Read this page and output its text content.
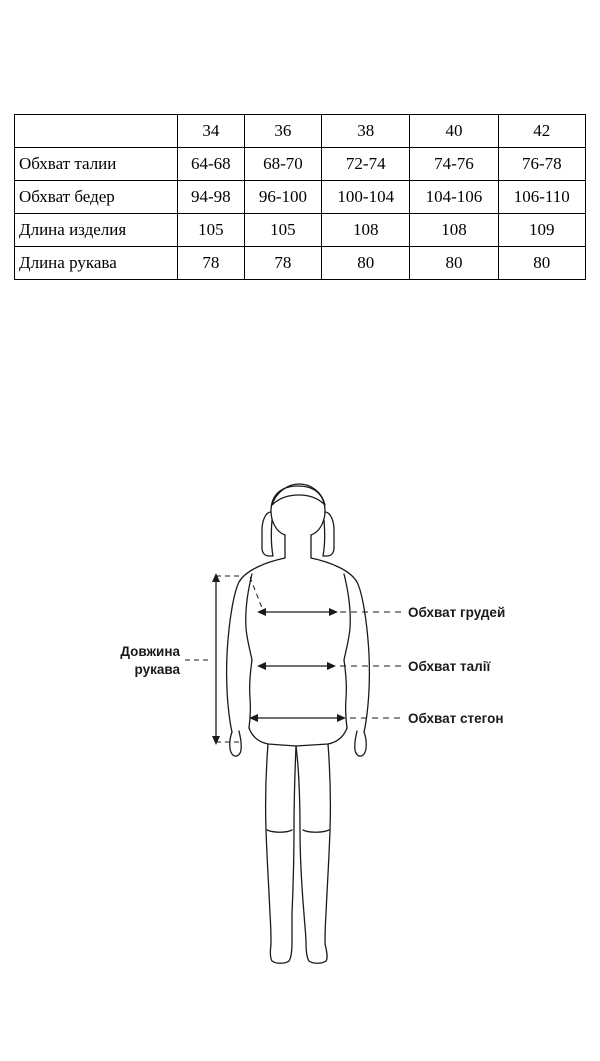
	34	36	38	40	42
Обхват талии	64-68	68-70	72-74	74-76	76-78
Обхват бедер	94-98	96-100	100-104	104-106	106-110
Длина изделия	105	105	108	108	109
Длина рукава	78	78	80	80	80
Довжина
рукава
Обхват грудей
Обхват талії
Обхват стегон
